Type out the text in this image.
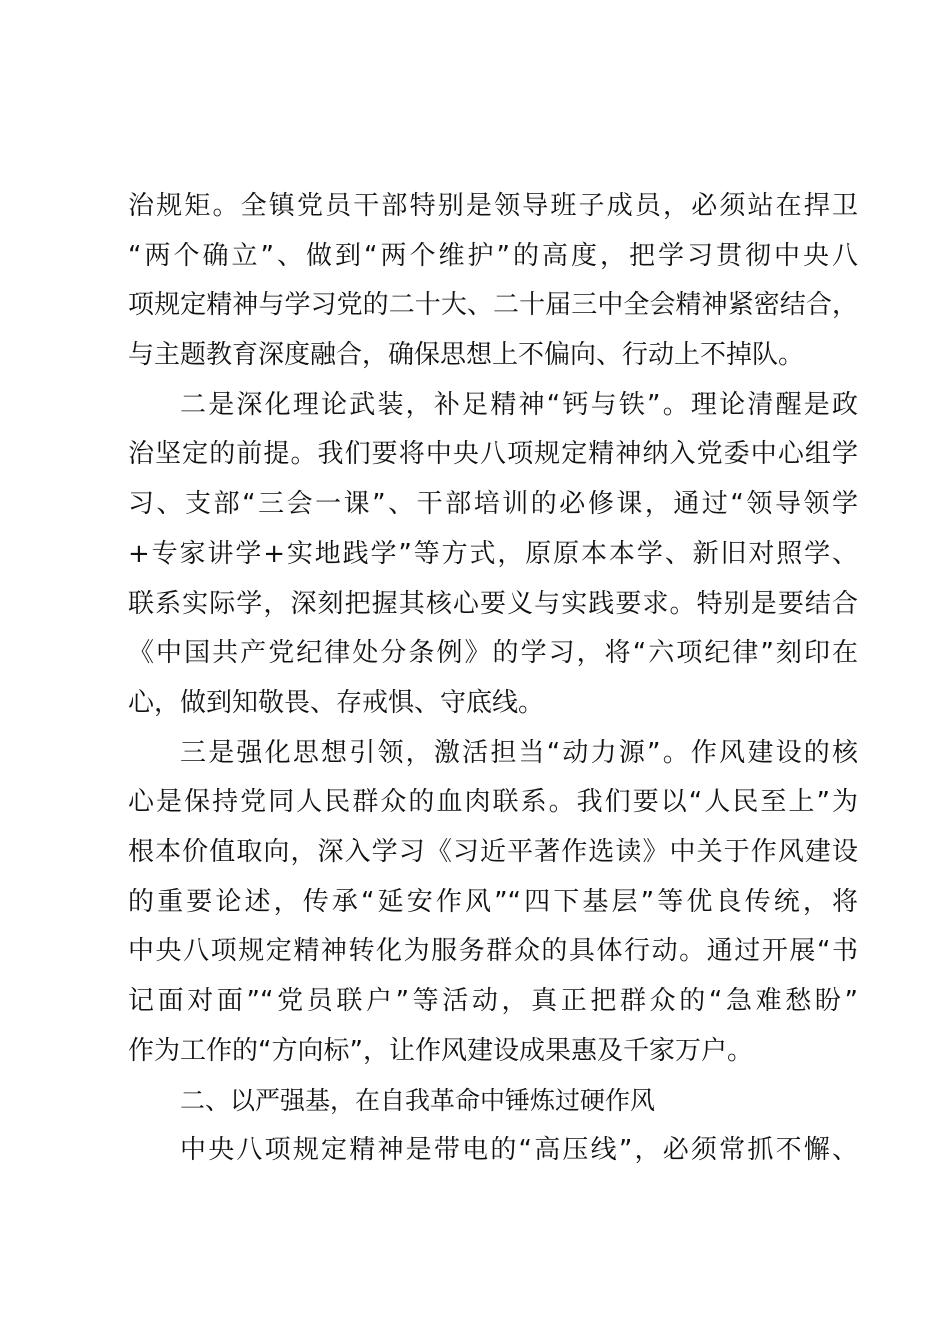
治规矩。全镇党员干部特别是领导班子成员，必须站在捍卫
“两个确立”、做到“两个维护”的高度，把学习贯彻中央八
项规定精神与学习党的二十大、二十届三中全会精神紧密结合，
与主题教育深度融合，确保思想上不偏向、行动上不掉队。
二是深化理论武装，补足精神“钙与铁”。理论清醒是政
治坚定的前提。我们要将中央八项规定精神纳入党委中心组学
习、支部“三会一课”、干部培训的必修课，通过“领导领学
+专家讲学+实地践学”等方式，原原本本学、新旧对照学、
联系实际学，深刻把握其核心要义与实践要求。特别是要结合
《中国共产党纪律处分条例》的学习，将“六项纪律”刻印在
心，做到知敬畏、存戒惧、守底线。
三是强化思想引领，激活担当“动力源”。作风建设的核
心是保持党同人民群众的血肉联系。我们要以“人民至上”为
根本价值取向，深入学习《习近平著作选读》中关于作风建设
的重要论述，传承“延安作风”“四下基层”等优良传统，将
中央八项规定精神转化为服务群众的具体行动。通过开展“书
记面对面”“党员联户”等活动，真正把群众的“急难愁盼”
作为工作的“方向标”，让作风建设成果惠及千家万户。
二、以严强基，在自我革命中锤炼过硬作风
中央八项规定精神是带电的“高压线”，必须常抓不懈、
